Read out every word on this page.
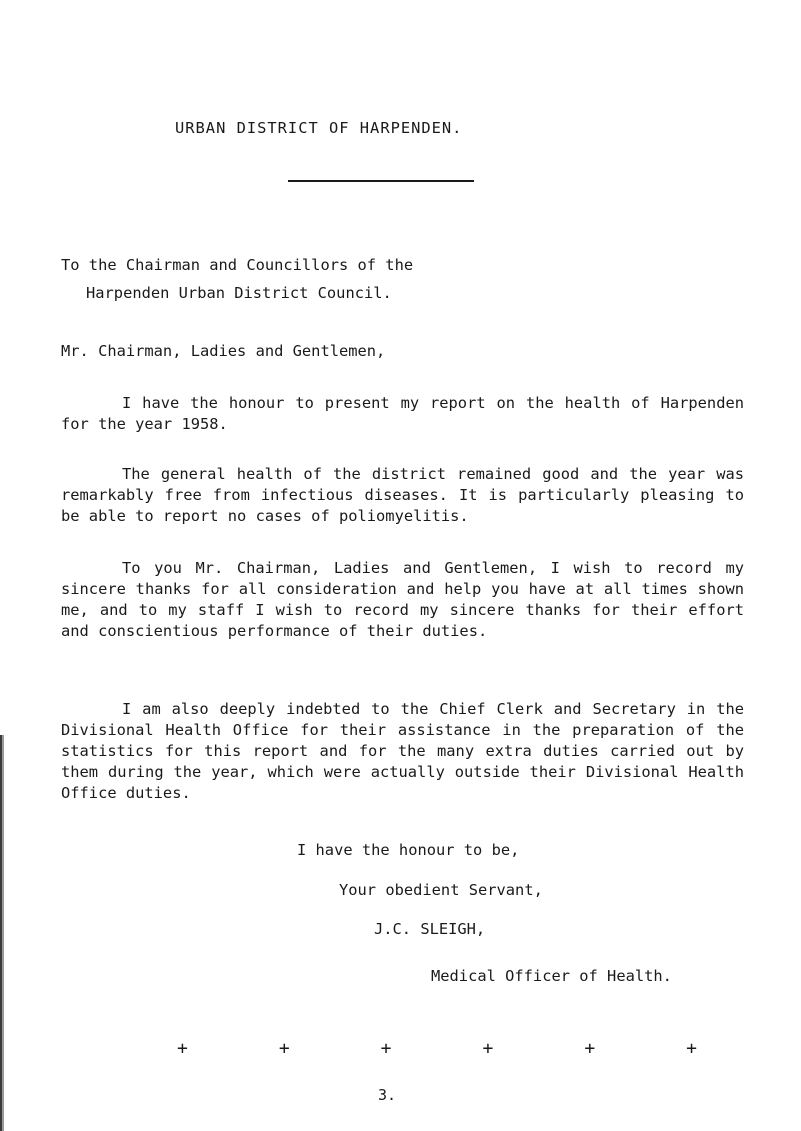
URBAN DISTRICT OF HARPENDEN.
To the Chairman and Councillors of the
Harpenden Urban District Council.
Mr. Chairman, Ladies and Gentlemen,
I have the honour to present my report on the health of Harpenden for the year 1958.
The general health of the district remained good and the year was remarkably free from infectious diseases. It is particularly pleasing to be able to report no cases of poliomyelitis.
To you Mr. Chairman, Ladies and Gentlemen, I wish to record my sincere thanks for all consideration and help you have at all times shown me, and to my staff I wish to record my sincere thanks for their effort and conscientious performance of their duties.
I am also deeply indebted to the Chief Clerk and Secretary in the Divisional Health Office for their assistance in the preparation of the statistics for this report and for the many extra duties carried out by them during the year, which were actually outside their Divisional Health Office duties.
I have the honour to be,
Your obedient Servant,
J.C. SLEIGH,
Medical Officer of Health.
+	+	+	+	+	+
3.
